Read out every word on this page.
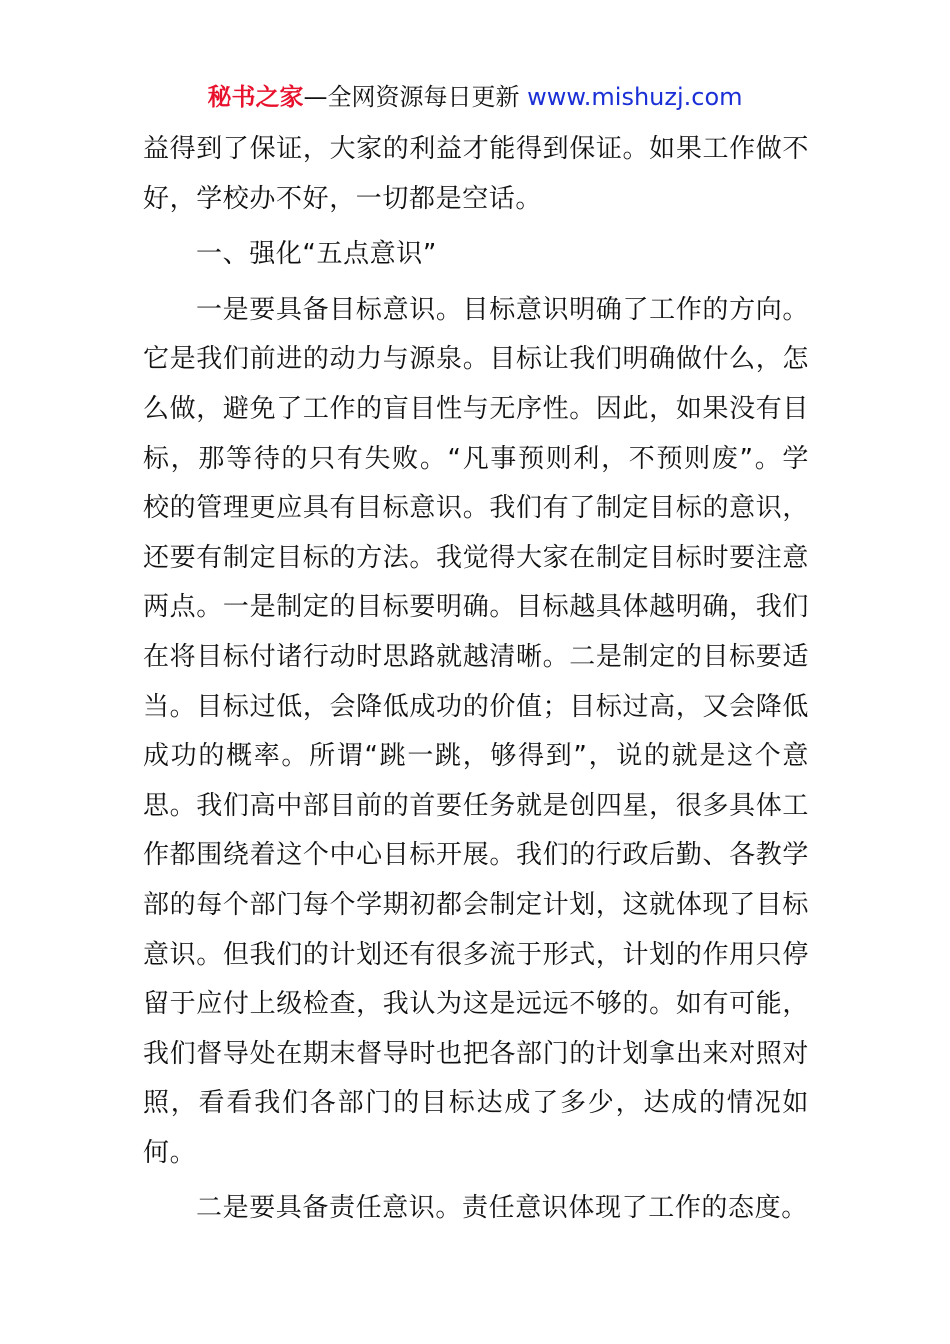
秘书之家—全网资源每日更新 www.mishuzj.com

益得到了保证，大家的利益才能得到保证。如果工作做不好，学校办不好，一切都是空话。

一、强化“五点意识”

一是要具备目标意识。目标意识明确了工作的方向。它是我们前进的动力与源泉。目标让我们明确做什么，怎么做，避免了工作的盲目性与无序性。因此，如果没有目标，那等待的只有失败。“凡事预则利，不预则废”。学校的管理更应具有目标意识。我们有了制定目标的意识，还要有制定目标的方法。我觉得大家在制定目标时要注意两点。一是制定的目标要明确。目标越具体越明确，我们在将目标付诸行动时思路就越清晰。二是制定的目标要适当。目标过低，会降低成功的价值；目标过高，又会降低成功的概率。所谓“跳一跳，够得到”，说的就是这个意思。我们高中部目前的首要任务就是创四星，很多具体工作都围绕着这个中心目标开展。我们的行政后勤、各教学部的每个部门每个学期初都会制定计划，这就体现了目标意识。但我们的计划还有很多流于形式，计划的作用只停留于应付上级检查，我认为这是远远不够的。如有可能，我们督导处在期末督导时也把各部门的计划拿出来对照对照，看看我们各部门的目标达成了多少，达成的情况如何。

二是要具备责任意识。责任意识体现了工作的态度。
